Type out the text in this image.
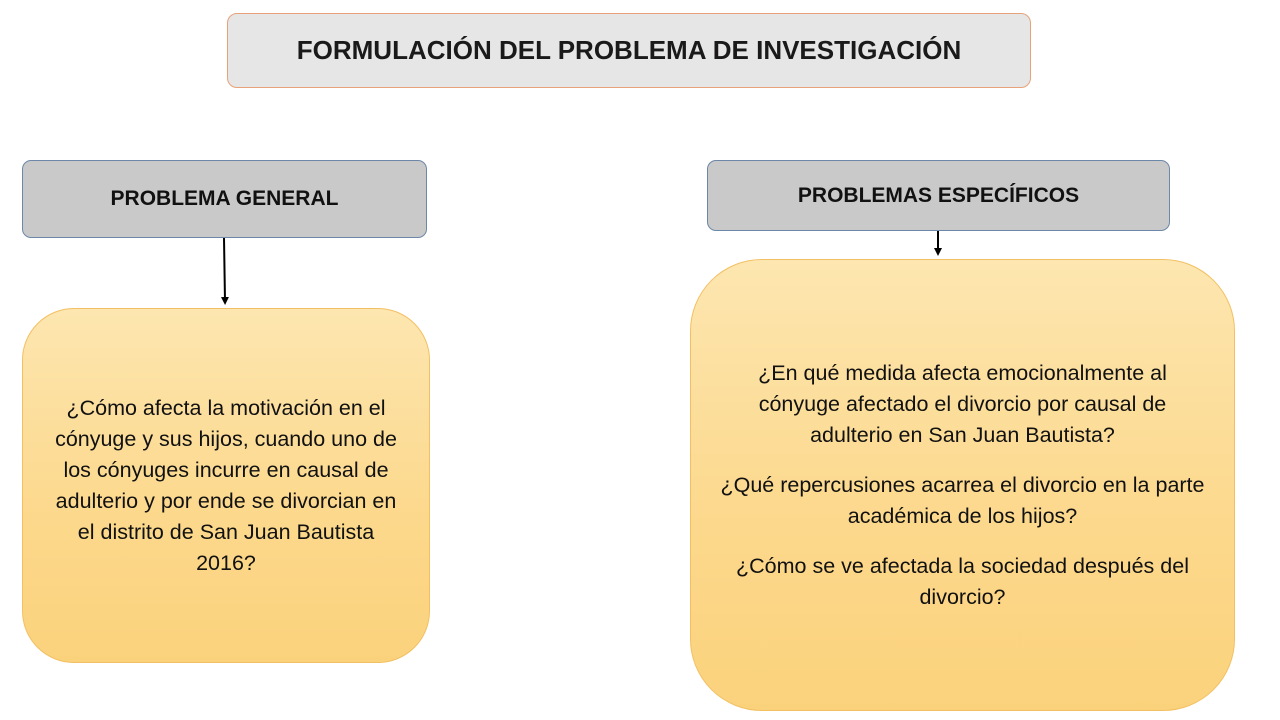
FORMULACIÓN DEL PROBLEMA DE INVESTIGACIÓN
PROBLEMA GENERAL	PROBLEMAS ESPECÍFICOS
¿Cómo afecta la motivación en el cónyuge y sus hijos, cuando uno de los cónyuges incurre en causal de adulterio y por ende se divorcian en el distrito de San Juan Bautista 2016?

¿En qué medida afecta emocionalmente al cónyuge afectado el divorcio por causal de adulterio en San Juan Bautista?

¿Qué repercusiones acarrea el divorcio en la parte académica de los hijos?

¿Cómo se ve afectada la sociedad después del divorcio?
